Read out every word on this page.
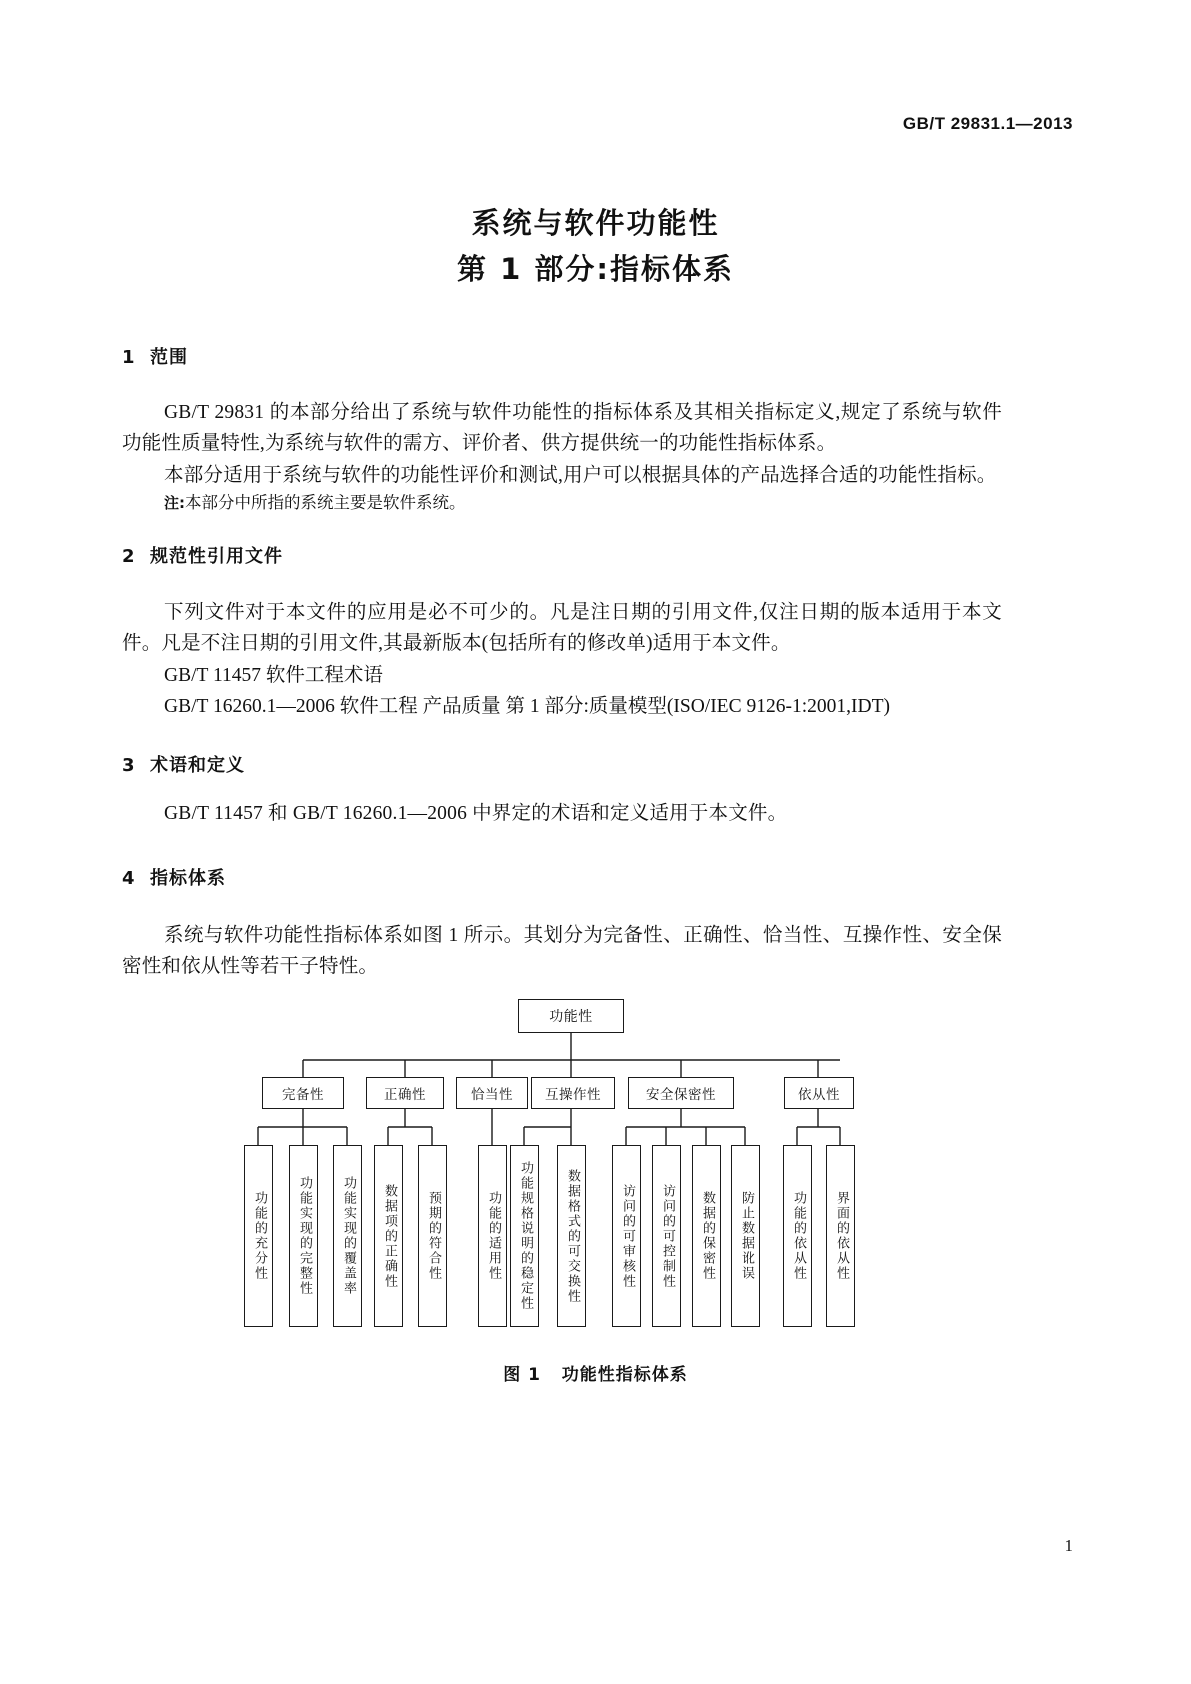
GB/T 29831.1—2013
系统与软件功能性
第 1 部分:指标体系
1 范围

GB/T 29831 的本部分给出了系统与软件功能性的指标体系及其相关指标定义,规定了系统与软件功能性质量特性,为系统与软件的需方、评价者、供方提供统一的功能性指标体系。

本部分适用于系统与软件的功能性评价和测试,用户可以根据具体的产品选择合适的功能性指标。

注:本部分中所指的系统主要是软件系统。
2 规范性引用文件

下列文件对于本文件的应用是必不可少的。凡是注日期的引用文件,仅注日期的版本适用于本文件。凡是不注日期的引用文件,其最新版本(包括所有的修改单)适用于本文件。

GB/T 11457 软件工程术语
GB/T 16260.1—2006 软件工程 产品质量 第 1 部分:质量模型(ISO/IEC 9126-1:2001,IDT)
3 术语和定义

GB/T 11457 和 GB/T 16260.1—2006 中界定的术语和定义适用于本文件。

4 指标体系

系统与软件功能性指标体系如图 1 所示。其划分为完备性、正确性、恰当性、互操作性、安全保密性和依从性等若干子特性。

功能性
完备性	正确性	恰当性	互操作性	安全保密性	依从性
功能的充分性 功能实现的完整性 功能实现的覆盖率 数据项的正确性 预期的符合性	功能的适用性 功能规格说明的稳定性 数据格式的可交换性	访问的可审核性 访问的可控制性 数据的保密性 防止数据讹误	功能的依从性 界面的依从性
图 1 功能性指标体系
1
